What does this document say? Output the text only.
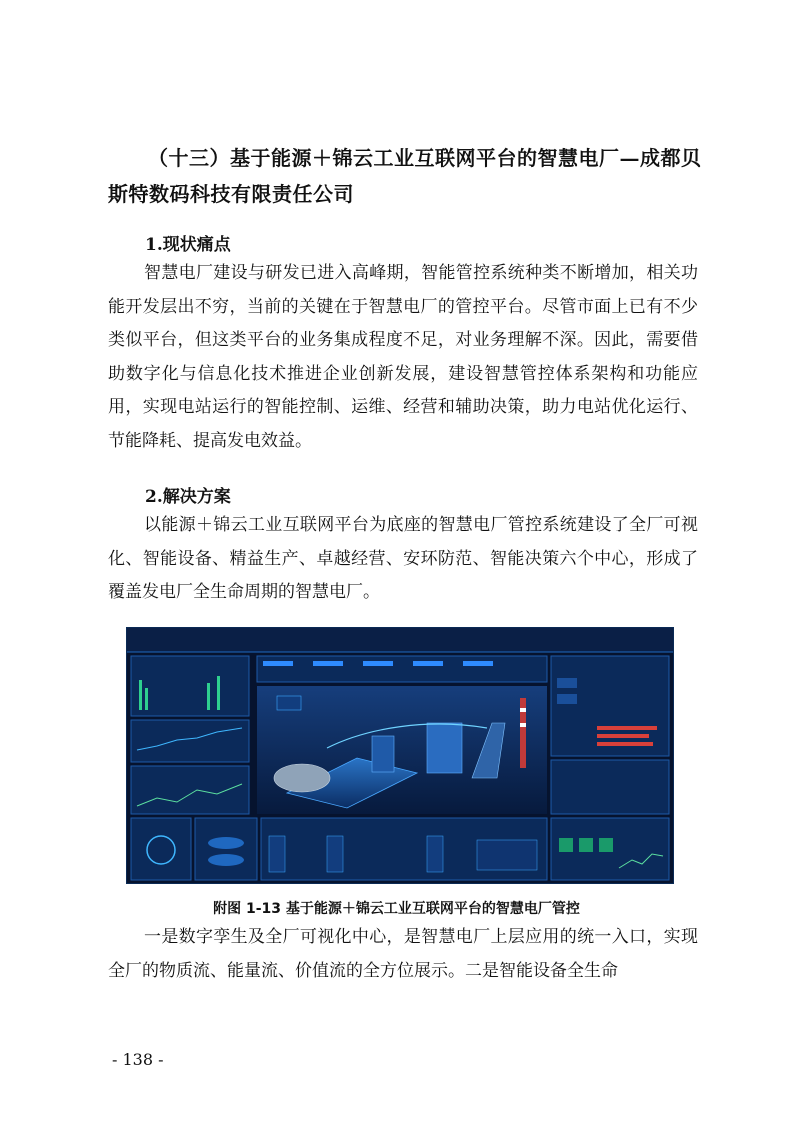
（十三）基于能源＋锦云工业互联网平台的智慧电厂—成都贝斯特数码科技有限责任公司
1.现状痛点
智慧电厂建设与研发已进入高峰期，智能管控系统种类不断增加，相关功能开发层出不穷，当前的关键在于智慧电厂的管控平台。尽管市面上已有不少类似平台，但这类平台的业务集成程度不足，对业务理解不深。因此，需要借助数字化与信息化技术推进企业创新发展，建设智慧管控体系架构和功能应用，实现电站运行的智能控制、运维、经营和辅助决策，助力电站优化运行、节能降耗、提高发电效益。
2.解决方案
以能源＋锦云工业互联网平台为底座的智慧电厂管控系统建设了全厂可视化、智能设备、精益生产、卓越经营、安环防范、智能决策六个中心，形成了覆盖发电厂全生命周期的智慧电厂。
附图 1-13 基于能源＋锦云工业互联网平台的智慧电厂管控
一是数字孪生及全厂可视化中心，是智慧电厂上层应用的统一入口，实现全厂的物质流、能量流、价值流的全方位展示。二是智能设备全生命
- 138 -
